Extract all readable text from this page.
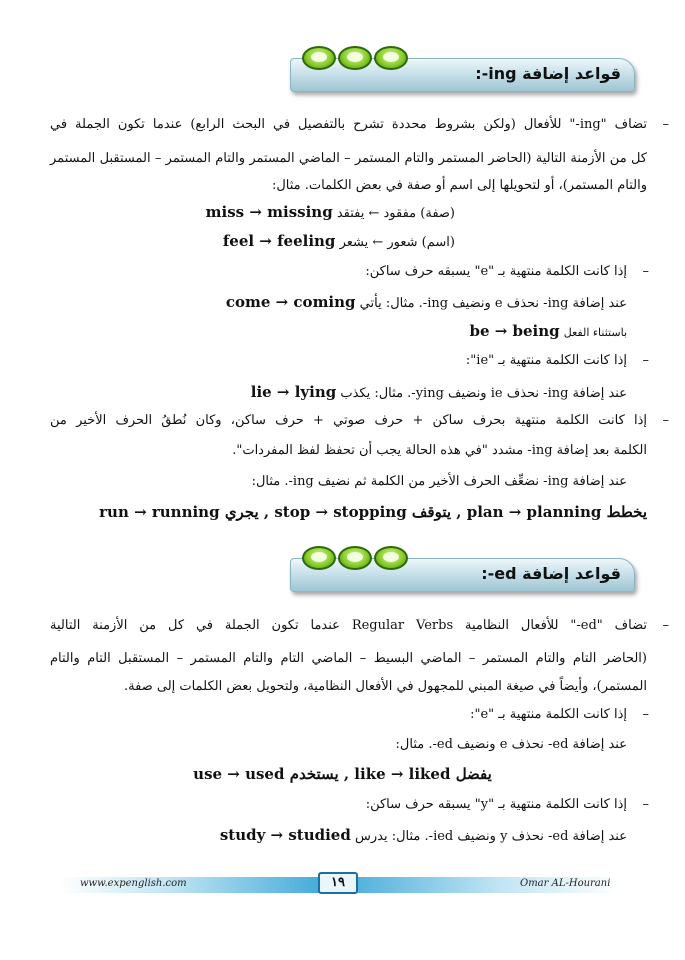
قواعد إضافة ing-:
– تضاف "ing-" للأفعال (ولكن بشروط محددة تشرح بالتفصيل في البحث الرابع) عندما تكون الجملة في
كل من الأزمنة التالية (الحاضر المستمر والتام المستمر – الماضي المستمر والتام المستمر – المستقبل المستمر
والتام المستمر)، أو لتحويلها إلى اسم أو صفة في بعض الكلمات. مثال:
(صفة) مفقود ← يفتقد miss → missing
(اسم) شعور ← يشعر feel → feeling
– إذا كانت الكلمة منتهية بـ "e" يسبقه حرف ساكن:
عند إضافة ing- نحذف e ونضيف ing-. مثال: يأتي come → coming
باستثناء الفعل be → being
– إذا كانت الكلمة منتهية بـ "ie":
عند إضافة ing- نحذف ie ونضيف ying-. مثال: يكذب lie → lying
– إذا كانت الكلمة منتهية بحرف ساكن + حرف صوتي + حرف ساكن، وكان نُطقُ الحرف الأخير من
الكلمة بعد إضافة ing- مشدد "في هذه الحالة يجب أن تحفظ لفظ المفردات".
عند إضافة ing- نضعِّف الحرف الأخير من الكلمة ثم نضيف ing-. مثال:
run → running يجري , stop → stopping يتوقف , plan → planning يخطط
قواعد إضافة ed-:
– تضاف "ed-" للأفعال النظامية Regular Verbs عندما تكون الجملة في كل من الأزمنة التالية
(الحاضر التام والتام المستمر – الماضي البسيط – الماضي التام والتام المستمر – المستقبل التام والتام
المستمر)، وأيضاً في صيغة المبني للمجهول في الأفعال النظامية، ولتحويل بعض الكلمات إلى صفة.
– إذا كانت الكلمة منتهية بـ "e":
عند إضافة ed- نحذف e ونضيف ed-. مثال:
use → used يستخدم , like → liked يفضل
– إذا كانت الكلمة منتهية بـ "y" يسبقه حرف ساكن:
عند إضافة ed- نحذف y ونضيف ied-. مثال: يدرس study → studied
www.expenglish.com	١٩	Omar AL-Hourani
